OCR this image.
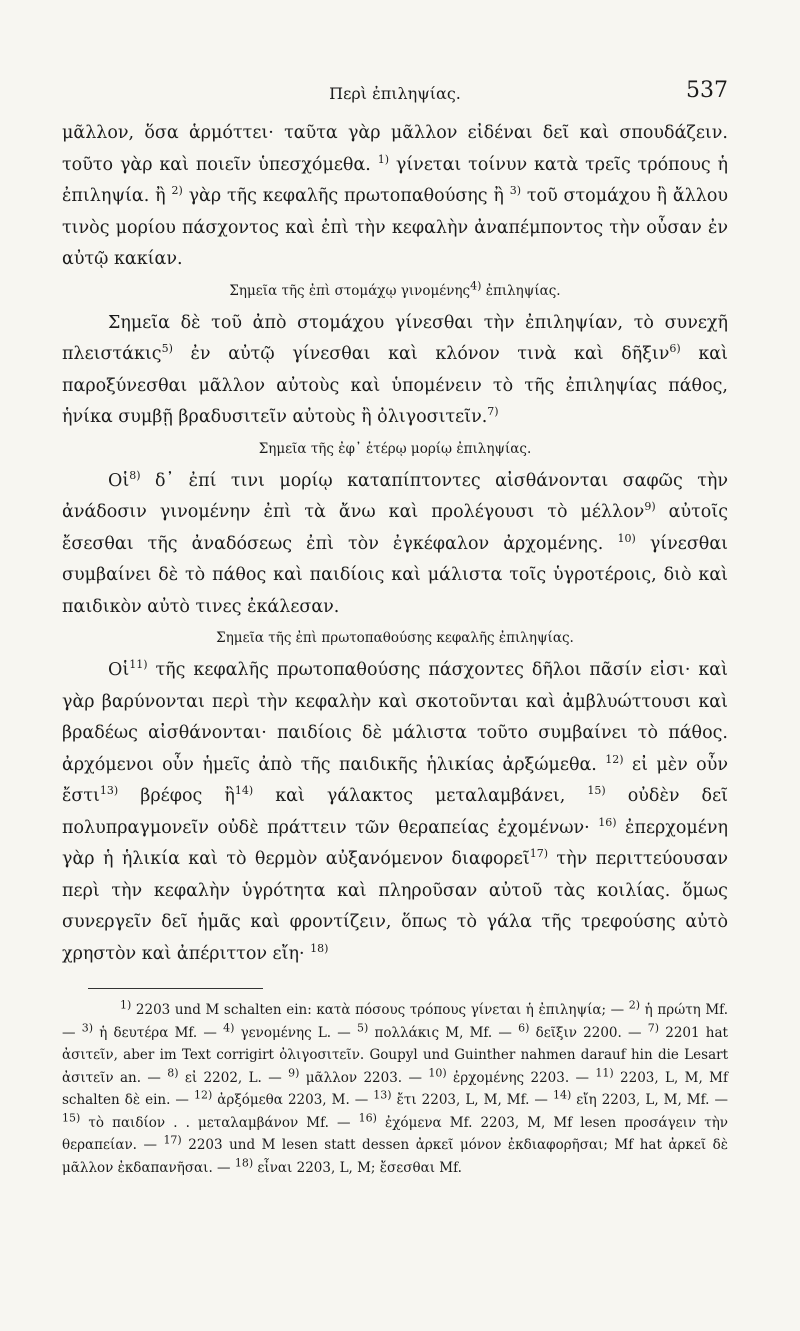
Περὶ ἐπιληψίας.	537

μᾶλλον, ὅσα ἁρμόττει· ταῦτα γὰρ μᾶλλον εἰδέναι δεῖ καὶ σπουδάζειν. τοῦτο γὰρ καὶ ποιεῖν ὑπεσχόμεθα. $^{1)}$ γίνεται τοίνυν κατὰ τρεῖς τρόπους ἡ ἐπιληψία. ἢ $^{2)}$ γὰρ τῆς κεφαλῆς πρωτοπαθούσης ἢ $^{3)}$ τοῦ στομάχου ἢ ἄλλου τινὸς μορίου πάσχοντος καὶ ἐπὶ τὴν κεφαλὴν ἀναπέμποντος τὴν οὖσαν ἐν αὐτῷ κακίαν.

Σημεῖα τῆς ἐπὶ στομάχῳ γινομένης$^{4)}$ ἐπιληψίας.

Σημεῖα δὲ τοῦ ἀπὸ στομάχου γίνεσθαι τὴν ἐπιληψίαν, τὸ συνεχῆ πλειστάκις$^{5)}$ ἐν αὐτῷ γίνεσθαι καὶ κλόνον τινὰ καὶ δῆξιν$^{6)}$ καὶ παροξύνεσθαι μᾶλλον αὐτοὺς καὶ ὑπομένειν τὸ τῆς ἐπιληψίας πάθος, ἡνίκα συμβῇ βραδυσιτεῖν αὐτοὺς ἢ ὀλιγοσιτεῖν.$^{7)}$

Σημεῖα τῆς ἐφ᾽ ἑτέρῳ μορίῳ ἐπιληψίας.

Οἱ$^{8)}$ δ᾽ ἐπί τινι μορίῳ καταπίπτοντες αἰσθάνονται σαφῶς τὴν ἀνάδοσιν γινομένην ἐπὶ τὰ ἄνω καὶ προλέγουσι τὸ μέλλον$^{9)}$ αὐτοῖς ἔσεσθαι τῆς ἀναδόσεως ἐπὶ τὸν ἐγκέφαλον ἀρχομένης. $^{10)}$ γίνεσθαι συμβαίνει δὲ τὸ πάθος καὶ παιδίοις καὶ μάλιστα τοῖς ὑγροτέροις, διὸ καὶ παιδικὸν αὐτὸ τινες ἐκάλεσαν.

Σημεῖα τῆς ἐπὶ πρωτοπαθούσης κεφαλῆς ἐπιληψίας.

Οἱ$^{11)}$ τῆς κεφαλῆς πρωτοπαθούσης πάσχοντες δῆλοι πᾶσίν εἰσι· καὶ γὰρ βαρύνονται περὶ τὴν κεφαλὴν καὶ σκοτοῦνται καὶ ἀμβλυώττουσι καὶ βραδέως αἰσθάνονται· παιδίοις δὲ μάλιστα τοῦτο συμβαίνει τὸ πάθος. ἀρχόμενοι οὖν ἡμεῖς ἀπὸ τῆς παιδικῆς ἡλικίας ἀρξώμεθα. $^{12)}$ εἰ μὲν οὖν ἔστι$^{13)}$ βρέφος ἢ$^{14)}$ καὶ γάλακτος μεταλαμβάνει, $^{15)}$ οὐδὲν δεῖ πολυπραγμονεῖν οὐδὲ πράττειν τῶν θεραπείας ἐχομένων· $^{16)}$ ἐπερχομένη γὰρ ἡ ἡλικία καὶ τὸ θερμὸν αὐξανόμενον διαφορεῖ$^{17)}$ τὴν περιττεύουσαν περὶ τὴν κεφαλὴν ὑγρότητα καὶ πληροῦσαν αὐτοῦ τὰς κοιλίας. ὅμως συνεργεῖν δεῖ ἡμᾶς καὶ φροντίζειν, ὅπως τὸ γάλα τῆς τρεφούσης αὐτὸ χρηστὸν καὶ ἀπέριττον εἴη· $^{18)}$

$^{1)}$ 2203 und M schalten ein: κατὰ πόσους τρόπους γίνεται ἡ ἐπιληψία; — $^{2)}$ ἡ πρώτη Mf. — $^{3)}$ ἡ δευτέρα Mf. — $^{4)}$ γενομένης L. — $^{5)}$ πολλάκις M, Mf. — $^{6)}$ δεῖξιν 2200. — $^{7)}$ 2201 hat ἀσιτεῖν, aber im Text corrigirt ὀλιγοσιτεῖν. Goupyl und Guinther nahmen darauf hin die Lesart ἀσιτεῖν an. — $^{8)}$ εἰ 2202, L. — $^{9)}$ μᾶλλον 2203. — $^{10)}$ ἐρχομένης 2203. — $^{11)}$ 2203, L, M, Mf schalten δὲ ein. — $^{12)}$ ἀρξόμεθα 2203, M. — $^{13)}$ ἔτι 2203, L, M, Mf. — $^{14)}$ εἴη 2203, L, M, Mf. — $^{15)}$ τὸ παιδίον . . μεταλαμβάνον Mf. — $^{16)}$ ἐχόμενα Mf. 2203, M, Mf lesen προσάγειν τὴν θεραπείαν. — $^{17)}$ 2203 und M lesen statt dessen ἀρκεῖ μόνον ἐκδιαφορῆσαι; Mf hat ἀρκεῖ δὲ μᾶλλον ἐκδαπανῆσαι. — $^{18)}$ εἶναι 2203, L, M; ἔσεσθαι Mf.
